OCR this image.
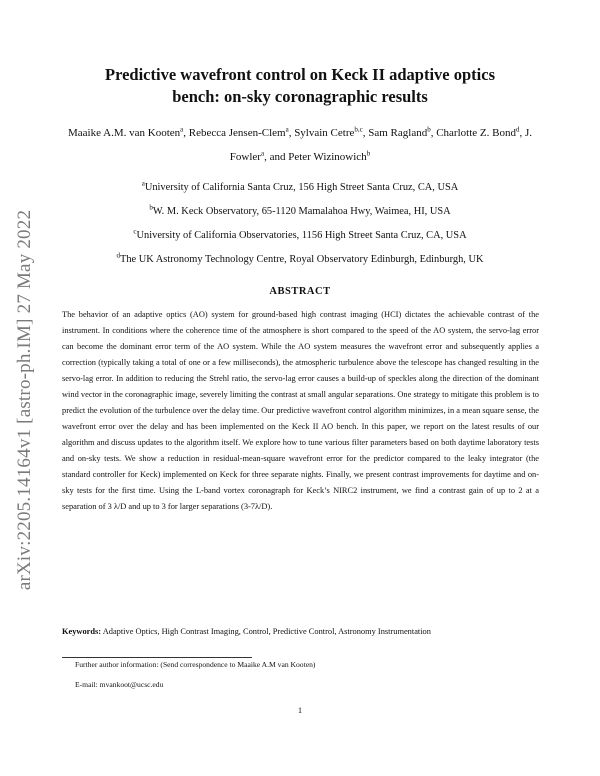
arXiv:2205.14164v1 [astro-ph.IM] 27 May 2022
Predictive wavefront control on Keck II adaptive optics
bench: on-sky coronagraphic results
Maaike A.M. van Kooten$^a$, Rebecca Jensen-Clem$^a$, Sylvain Cetre$^{b,c}$, Sam Ragland$^b$, Charlotte Z. Bond$^d$, J. Fowler$^a$, and Peter Wizinowich$^b$
$^a$University of California Santa Cruz, 156 High Street Santa Cruz, CA, USA
$^b$W. M. Keck Observatory, 65-1120 Mamalahoa Hwy, Waimea, HI, USA
$^c$University of California Observatories, 1156 High Street Santa Cruz, CA, USA
$^d$The UK Astronomy Technology Centre, Royal Observatory Edinburgh, Edinburgh, UK
ABSTRACT
The behavior of an adaptive optics (AO) system for ground-based high contrast imaging (HCI) dictates the achievable contrast of the instrument. In conditions where the coherence time of the atmosphere is short compared to the speed of the AO system, the servo-lag error can become the dominant error term of the AO system. While the AO system measures the wavefront error and subsequently applies a correction (typically taking a total of one or a few milliseconds), the atmospheric turbulence above the telescope has changed resulting in the servo-lag error. In addition to reducing the Strehl ratio, the servo-lag error causes a build-up of speckles along the direction of the dominant wind vector in the coronagraphic image, severely limiting the contrast at small angular separations. One strategy to mitigate this problem is to predict the evolution of the turbulence over the delay time. Our predictive wavefront control algorithm minimizes, in a mean square sense, the wavefront error over the delay and has been implemented on the Keck II AO bench. In this paper, we report on the latest results of our algorithm and discuss updates to the algorithm itself. We explore how to tune various filter parameters based on both daytime laboratory tests and on-sky tests. We show a reduction in residual-mean-square wavefront error for the predictor compared to the leaky integrator (the standard controller for Keck) implemented on Keck for three separate nights. Finally, we present contrast improvements for daytime and on-sky tests for the first time. Using the L-band vortex coronagraph for Keck’s NIRC2 instrument, we find a contrast gain of up to 2 at a separation of 3 λ/D and up to 3 for larger separations (3-7λ/D).
Keywords: Adaptive Optics, High Contrast Imaging, Control, Predictive Control, Astronomy Instrumentation
Further author information: (Send correspondence to Maaike A.M van Kooten)
E-mail: mvankoot@ucsc.edu
1
